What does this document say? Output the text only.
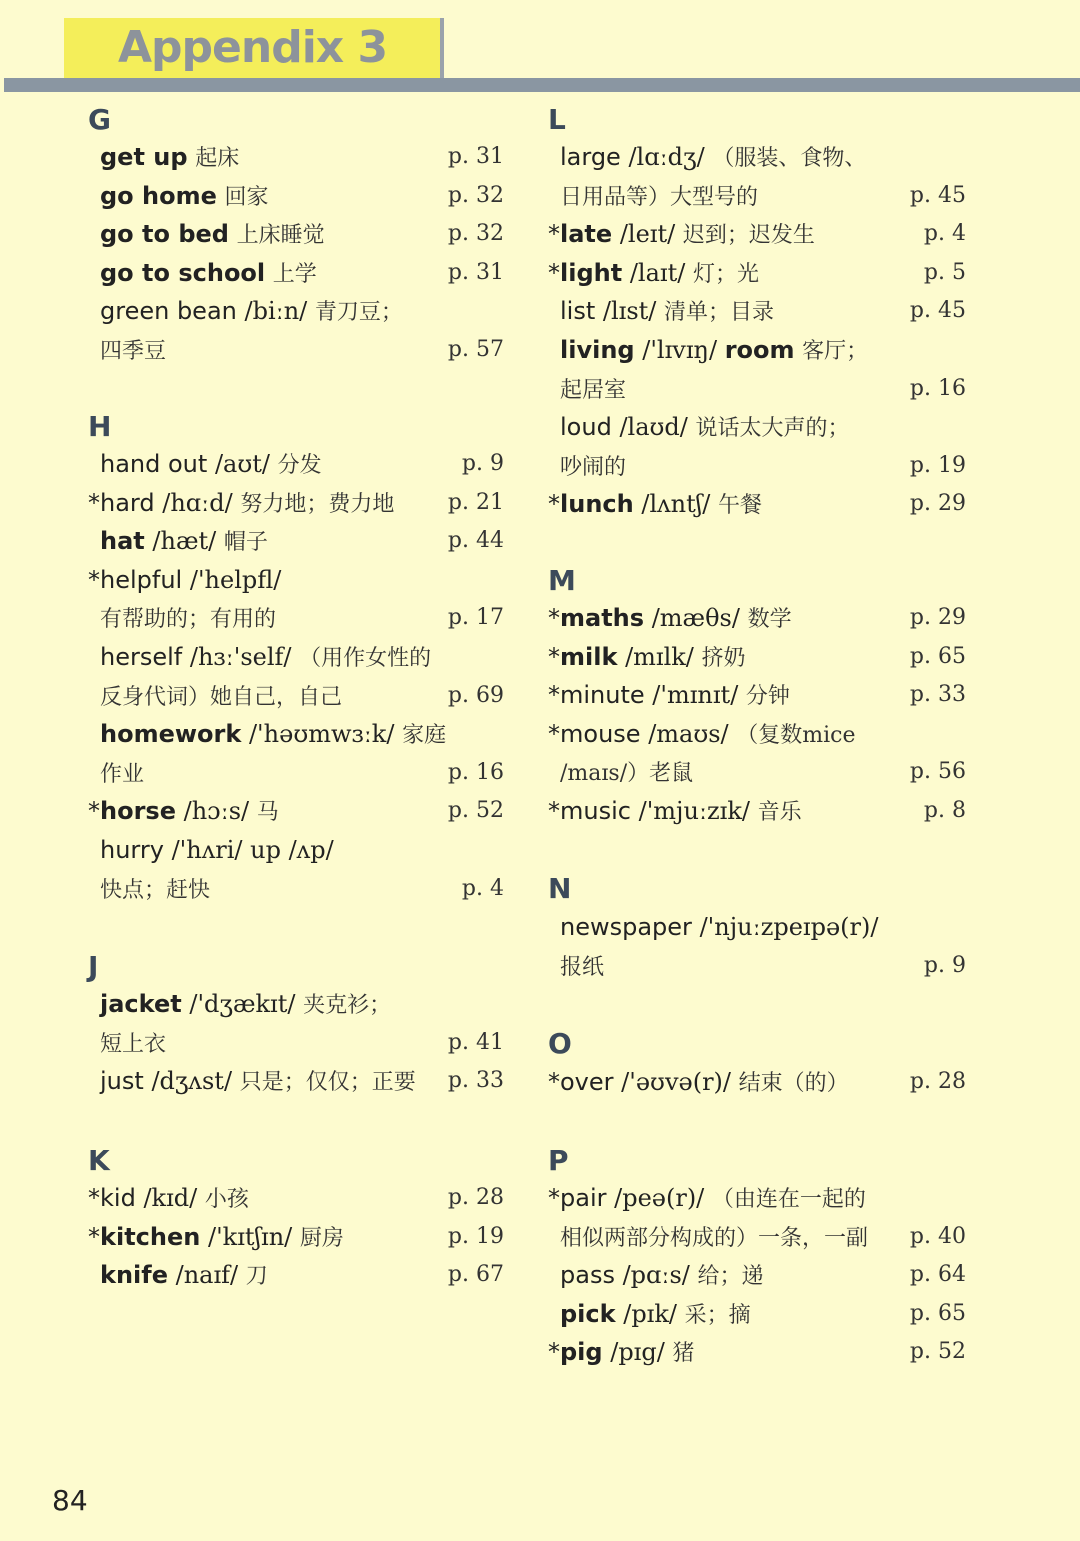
Appendix 3
G
get up 起床	p. 31
go home 回家	p. 32
go to bed 上床睡觉	p. 32
go to school 上学	p. 31
green bean /biːn/ 青刀豆；
四季豆	p. 57
H
hand out /aʊt/ 分发	p. 9
*hard /hɑːd/ 努力地；费力地 p. 21
hat /hæt/ 帽子	p. 44
*helpful /'helpfl/
有帮助的；有用的	p. 17
herself /hɜː'self/ （用作女性的
反身代词）她自己，自己	p. 69
homework /'həʊmwɜːk/ 家庭
作业	p. 16
*horse /hɔːs/ 马	p. 52
hurry /'hʌri/ up /ʌp/
快点；赶快	p. 4
J
jacket /'dʒækɪt/ 夹克衫；
短上衣	p. 41
just /dʒʌst/ 只是；仅仅；正要 p. 33
K
*kid /kɪd/ 小孩	p. 28
*kitchen /'kɪtʃɪn/ 厨房	p. 19
knife /naɪf/ 刀	p. 67
L
large /lɑːdʒ/ （服装、食物、
日用品等）大型号的	p. 45
*late /leɪt/ 迟到；迟发生	p. 4
*light /laɪt/ 灯；光	p. 5
list /lɪst/ 清单；目录	p. 45
living /'lɪvɪŋ/ room 客厅；
起居室	p. 16
loud /laʊd/ 说话太大声的；
吵闹的	p. 19
*lunch /lʌntʃ/ 午餐	p. 29
M
*maths /mæθs/ 数学	p. 29
*milk /mɪlk/ 挤奶	p. 65
*minute /'mɪnɪt/ 分钟	p. 33
*mouse /maʊs/ （复数mice
/maɪs/）老鼠	p. 56
*music /'mjuːzɪk/ 音乐	p. 8
N
newspaper /'njuːzpeɪpə(r)/
报纸	p. 9
O
*over /'əʊvə(r)/ 结束（的）	p. 28
P
*pair /peə(r)/ （由连在一起的
相似两部分构成的）一条，一副 p. 40
pass /pɑːs/ 给；递	p. 64
pick /pɪk/ 采；摘	p. 65
*pig /pɪg/ 猪	p. 52
84
